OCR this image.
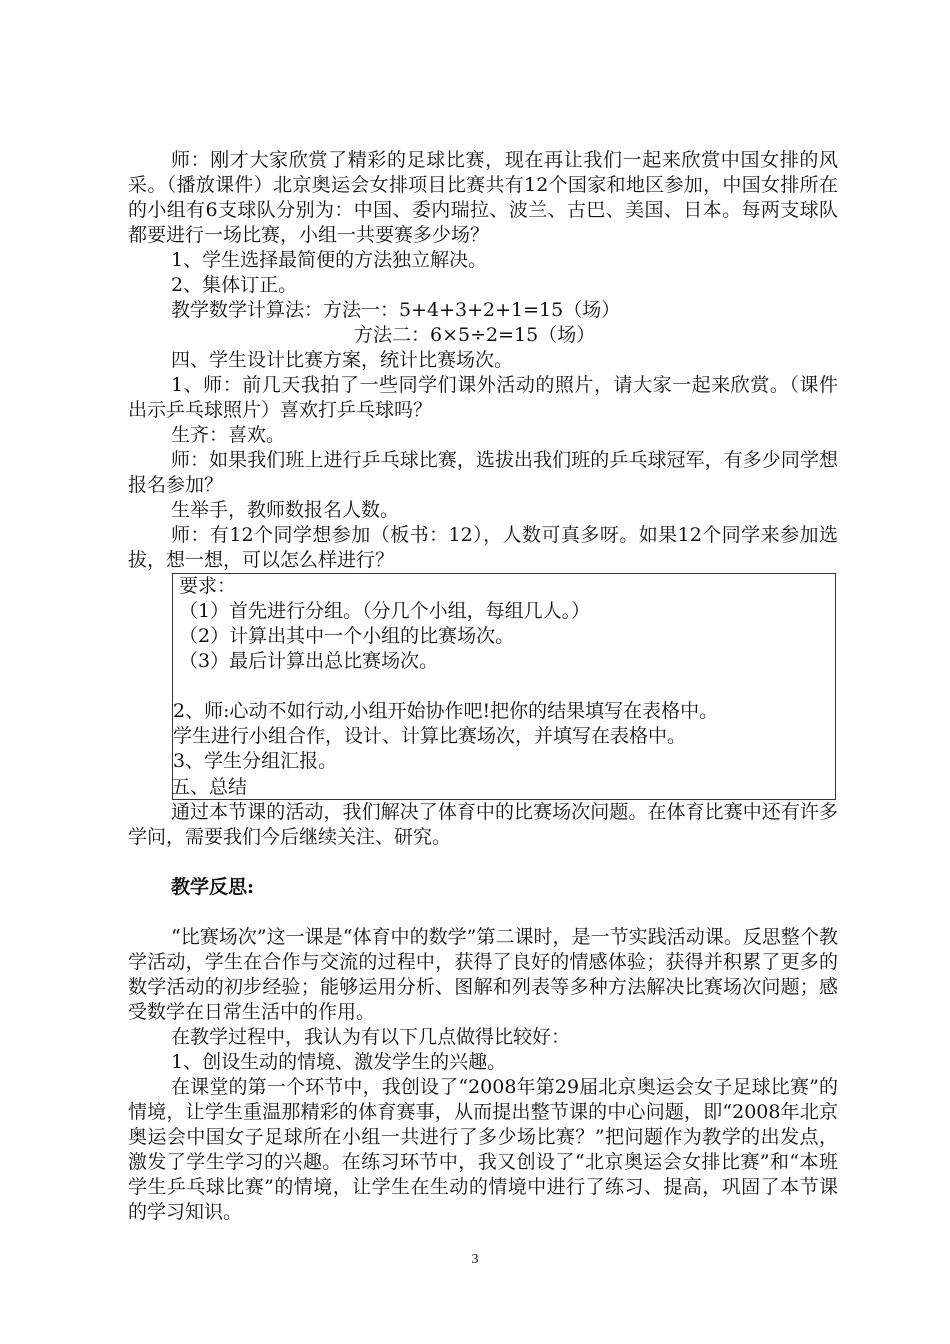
师：刚才大家欣赏了精彩的足球比赛，现在再让我们一起来欣赏中国女排的风采。（播放课件）北京奥运会女排项目比赛共有12个国家和地区参加，中国女排所在的小组有6支球队分别为：中国、委内瑞拉、波兰、古巴、美国、日本。每两支球队都要进行一场比赛，小组一共要赛多少场？
1、学生选择最简便的方法独立解决。
2、集体订正。
教学数学计算法：方法一：5+4+3+2+1=15（场）
方法二：6×5÷2=15（场）
四、学生设计比赛方案，统计比赛场次。
1、师：前几天我拍了一些同学们课外活动的照片，请大家一起来欣赏。（课件出示乒乓球照片）喜欢打乒乓球吗？
生齐：喜欢。
师：如果我们班上进行乒乓球比赛，选拔出我们班的乒乓球冠军，有多少同学想报名参加？
生举手，教师数报名人数。
师：有12个同学想参加（板书：12），人数可真多呀。如果12个同学来参加选拔，想一想，可以怎么样进行？
要求：
（1）首先进行分组。（分几个小组，每组几人。）
（2）计算出其中一个小组的比赛场次。
（3）最后计算出总比赛场次。
2、师:心动不如行动,小组开始协作吧!把你的结果填写在表格中。
学生进行小组合作，设计、计算比赛场次，并填写在表格中。
3、学生分组汇报。
五、总结
通过本节课的活动，我们解决了体育中的比赛场次问题。在体育比赛中还有许多学问，需要我们今后继续关注、研究。
教学反思:
“比赛场次”这一课是“体育中的数学”第二课时，是一节实践活动课。反思整个教学活动，学生在合作与交流的过程中，获得了良好的情感体验；获得并积累了更多的数学活动的初步经验；能够运用分析、图解和列表等多种方法解决比赛场次问题；感受数学在日常生活中的作用。
在教学过程中，我认为有以下几点做得比较好：
1、创设生动的情境、激发学生的兴趣。
在课堂的第一个环节中，我创设了“2008年第29届北京奥运会女子足球比赛”的情境，让学生重温那精彩的体育赛事，从而提出整节课的中心问题，即“2008年北京奥运会中国女子足球所在小组一共进行了多少场比赛？”把问题作为教学的出发点，激发了学生学习的兴趣。在练习环节中，我又创设了“北京奥运会女排比赛”和“本班学生乒乓球比赛”的情境，让学生在生动的情境中进行了练习、提高，巩固了本节课的学习知识。
3
